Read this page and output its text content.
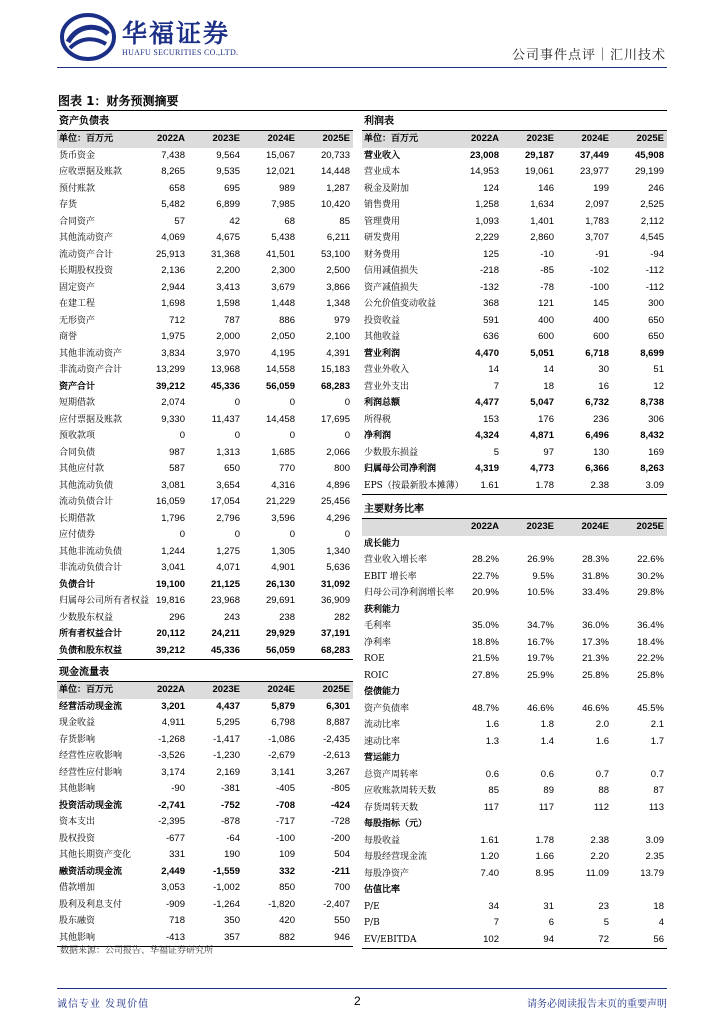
华福证券
HUAFU SECURITIES CO.,LTD.	公司事件点评｜汇川技术
图表 1：财务预测摘要
资产负债表
单位：百万元	2022A	2023E	2024E	2025E
货币资金	7,438	9,564	15,067	20,733
应收票据及账款	8,265	9,535	12,021	14,448
预付账款	658	695	989	1,287
存货	5,482	6,899	7,985	10,420
合同资产	57	42	68	85
其他流动资产	4,069	4,675	5,438	6,211
流动资产合计	25,913	31,368	41,501	53,100
长期股权投资	2,136	2,200	2,300	2,500
固定资产	2,944	3,413	3,679	3,866
在建工程	1,698	1,598	1,448	1,348
无形资产	712	787	886	979
商誉	1,975	2,000	2,050	2,100
其他非流动资产	3,834	3,970	4,195	4,391
非流动资产合计	13,299	13,968	14,558	15,183
资产合计	39,212	45,336	56,059	68,283
短期借款	2,074	0	0	0
应付票据及账款	9,330	11,437	14,458	17,695
预收款项	0	0	0	0
合同负债	987	1,313	1,685	2,066
其他应付款	587	650	770	800
其他流动负债	3,081	3,654	4,316	4,896
流动负债合计	16,059	17,054	21,229	25,456
长期借款	1,796	2,796	3,596	4,296
应付债券	0	0	0	0
其他非流动负债	1,244	1,275	1,305	1,340
非流动负债合计	3,041	4,071	4,901	5,636
负债合计	19,100	21,125	26,130	31,092
归属母公司所有者权益 19,816	23,968	29,691	36,909
少数股东权益	296	243	238	282
所有者权益合计	20,112	24,211	29,929	37,191
负债和股东权益	39,212	45,336	56,059	68,283
现金流量表
单位：百万元	2022A	2023E	2024E	2025E
经营活动现金流	3,201	4,437	5,879	6,301
现金收益	4,911	5,295	6,798	8,887
存货影响	-1,268	-1,417	-1,086	-2,435
经营性应收影响	-3,526	-1,230	-2,679	-2,613
经营性应付影响	3,174	2,169	3,141	3,267
其他影响	-90	-381	-405	-805
投资活动现金流	-2,741	-752	-708	-424
资本支出	-2,395	-878	-717	-728
股权投资	-677	-64	-100	-200
其他长期资产变化	331	190	109	504
融资活动现金流	2,449	-1,559	332	-211
借款增加	3,053	-1,002	850	700
股利及利息支付	-909	-1,264	-1,820	-2,407
股东融资	718	350	420	550
其他影响	-413	357	882	946
利润表
单位：百万元	2022A	2023E	2024E	2025E
营业收入	23,008	29,187	37,449	45,908
营业成本	14,953	19,061	23,977	29,199
税金及附加	124	146	199	246
销售费用	1,258	1,634	2,097	2,525
管理费用	1,093	1,401	1,783	2,112
研发费用	2,229	2,860	3,707	4,545
财务费用	125	-10	-91	-94
信用减值损失	-218	-85	-102	-112
资产减值损失	-132	-78	-100	-112
公允价值变动收益	368	121	145	300
投资收益	591	400	400	650
其他收益	636	600	600	650
营业利润	4,470	5,051	6,718	8,699
营业外收入	14	14	30	51
营业外支出	7	18	16	12
利润总额	4,477	5,047	6,732	8,738
所得税	153	176	236	306
净利润	4,324	4,871	6,496	8,432
少数股东损益	5	97	130	169
归属母公司净利润	4,319	4,773	6,366	8,263
EPS（按最新股本摊薄）	1.61	1.78	2.38	3.09
主要财务比率
2022A	2023E	2024E	2025E
成长能力
营业收入增长率	28.2%	26.9%	28.3%	22.6%
EBIT 增长率	22.7%	9.5%	31.8%	30.2%
归母公司净利润增长率	20.9%	10.5%	33.4%	29.8%
获利能力
毛利率	35.0%	34.7%	36.0%	36.4%
净利率	18.8%	16.7%	17.3%	18.4%
ROE	21.5%	19.7%	21.3%	22.2%
ROIC	27.8%	25.9%	25.8%	25.8%
偿债能力
资产负债率	48.7%	46.6%	46.6%	45.5%
流动比率	1.6	1.8	2.0	2.1
速动比率	1.3	1.4	1.6	1.7
营运能力
总资产周转率	0.6	0.6	0.7	0.7
应收账款周转天数	85	89	88	87
存货周转天数	117	117	112	113
每股指标（元）
每股收益	1.61	1.78	2.38	3.09
每股经营现金流	1.20	1.66	2.20	2.35
每股净资产	7.40	8.95	11.09	13.79
估值比率
P/E	34	31	23	18
P/B	7	6	5	4
EV/EBITDA	102	94	72	56
数据来源：公司报告、华福证券研究所
诚信专业 发现价值	2	请务必阅读报告末页的重要声明
